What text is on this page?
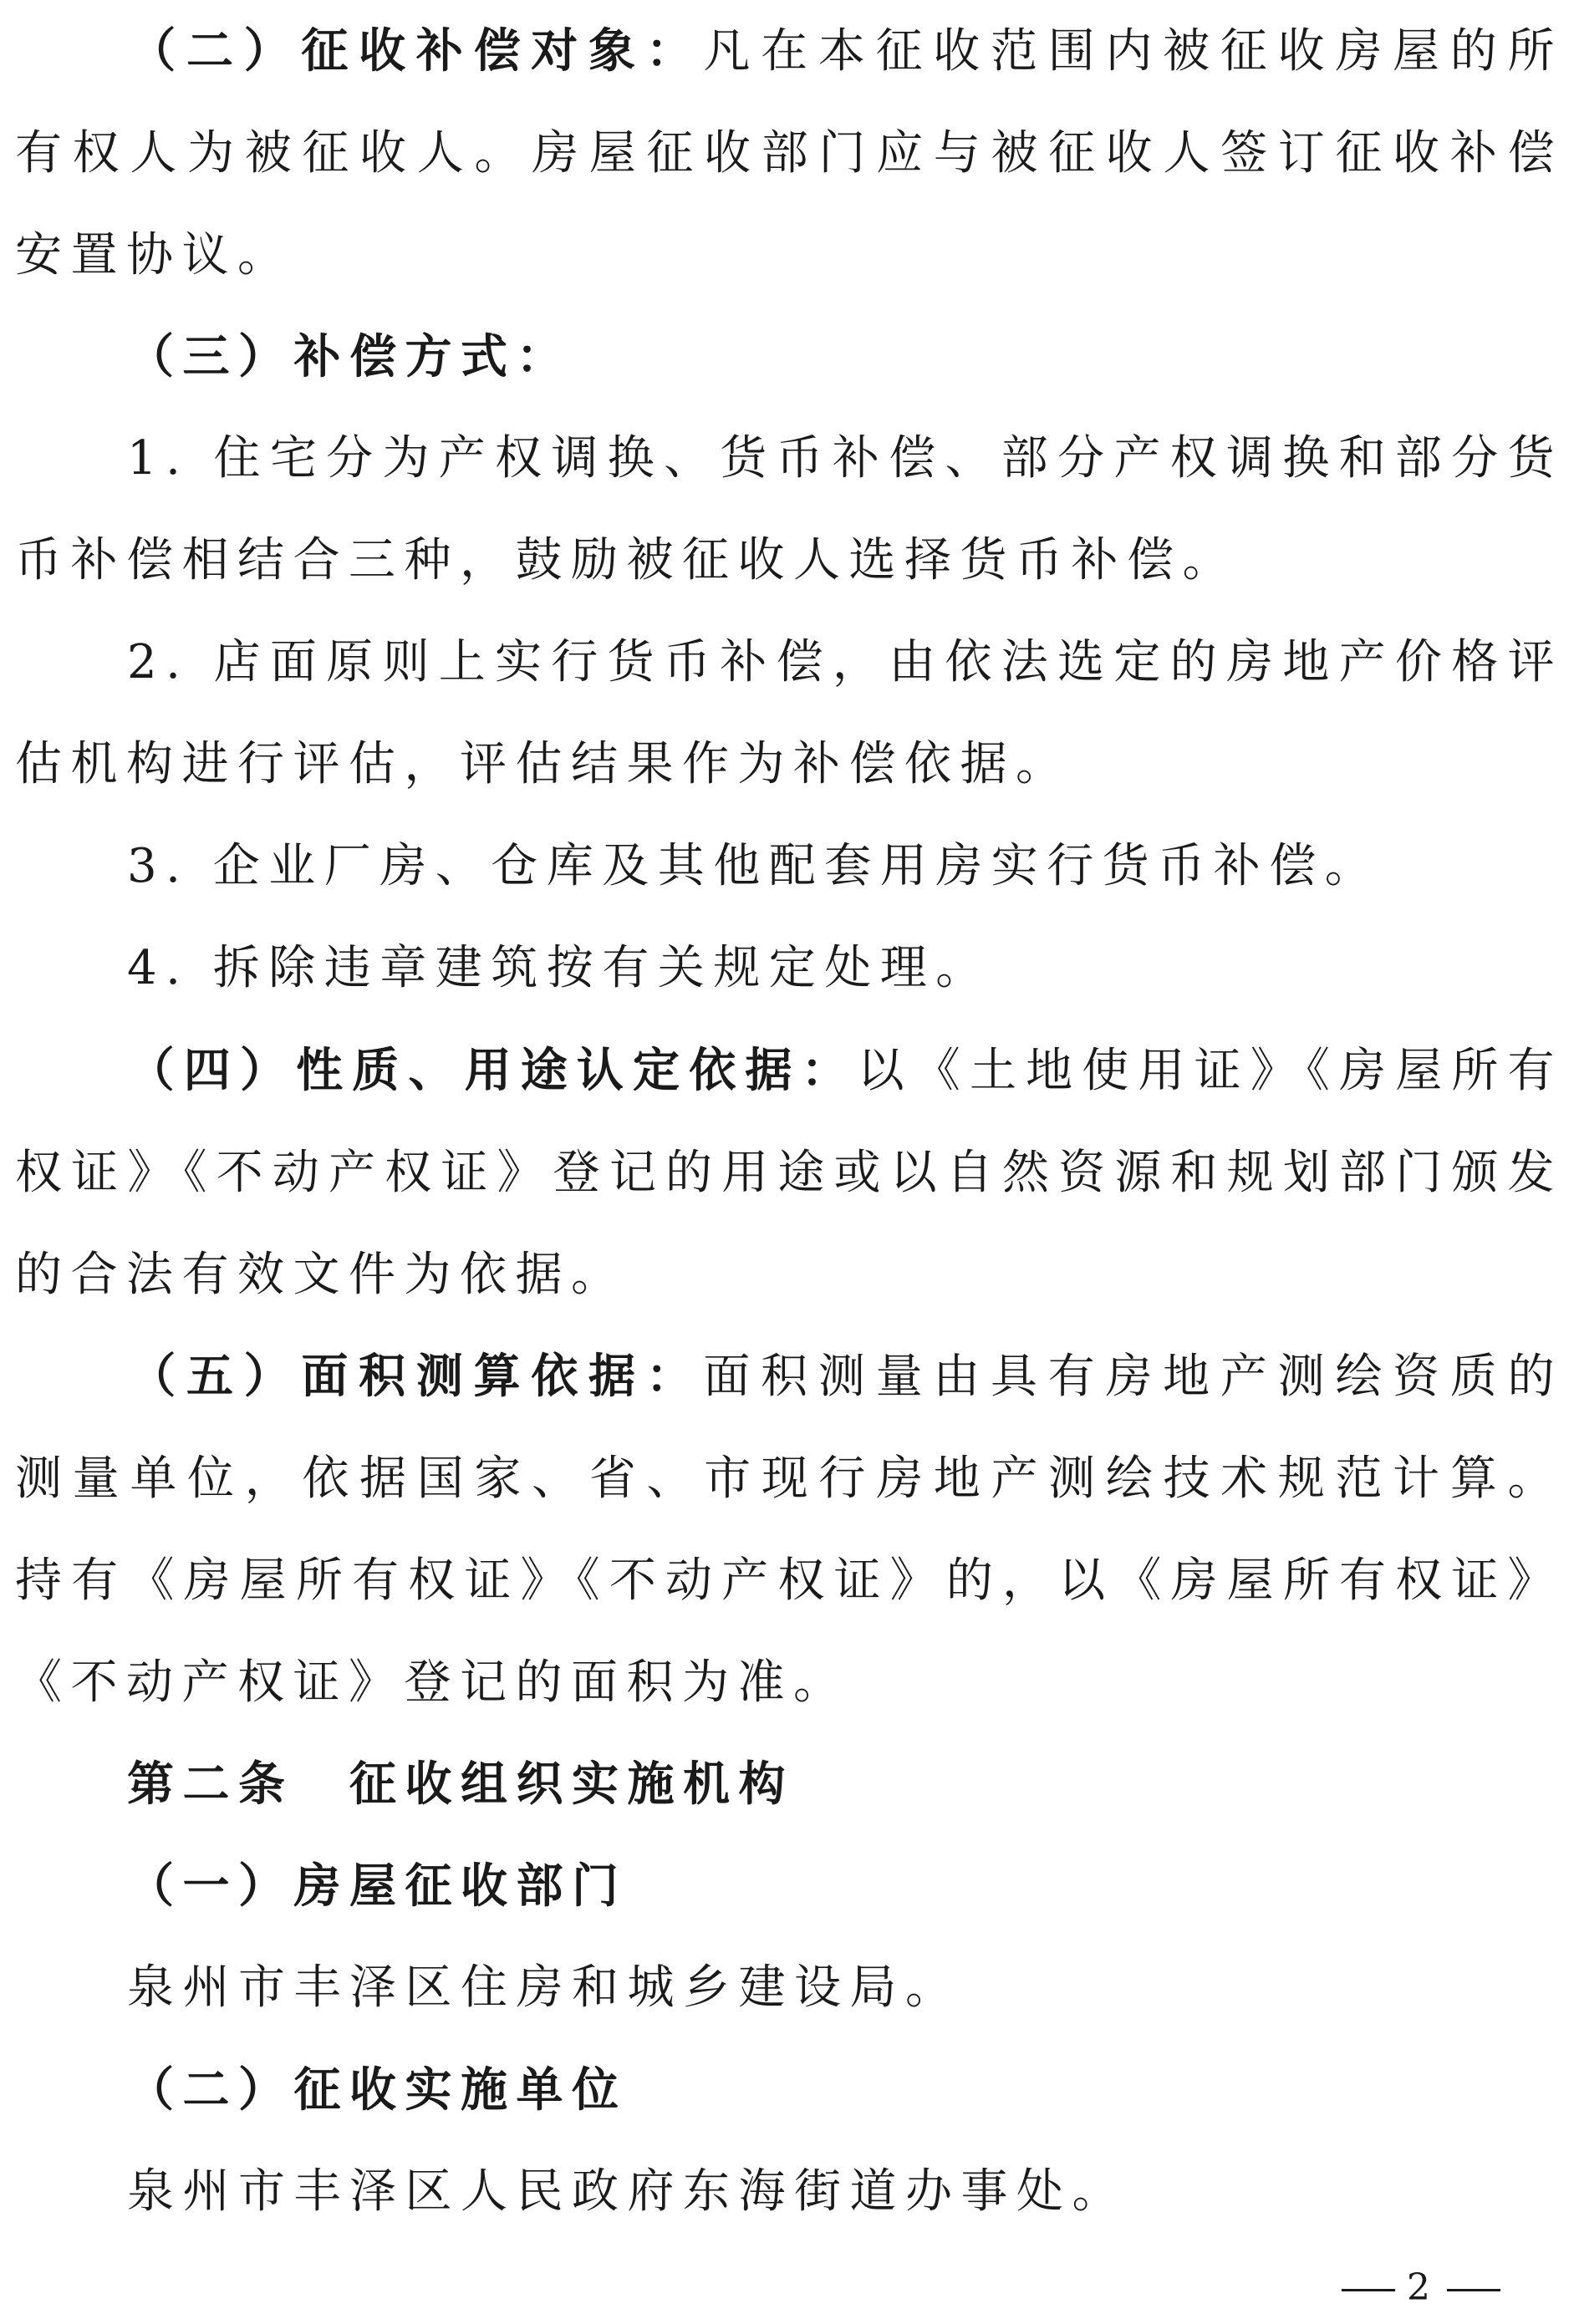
（二）征收补偿对象：凡在本征收范围内被征收房屋的所有权人为被征收人。房屋征收部门应与被征收人签订征收补偿安置协议。

（三）补偿方式：

1. 住宅分为产权调换、货币补偿、部分产权调换和部分货币补偿相结合三种，鼓励被征收人选择货币补偿。

2. 店面原则上实行货币补偿，由依法选定的房地产价格评估机构进行评估，评估结果作为补偿依据。

3. 企业厂房、仓库及其他配套用房实行货币补偿。

4. 拆除违章建筑按有关规定处理。

（四）性质、用途认定依据：以《土地使用证》《房屋所有权证》《不动产权证》登记的用途或以自然资源和规划部门颁发的合法有效文件为依据。

（五）面积测算依据：面积测量由具有房地产测绘资质的测量单位，依据国家、省、市现行房地产测绘技术规范计算。持有《房屋所有权证》《不动产权证》的，以《房屋所有权证》《不动产权证》登记的面积为准。

第二条　征收组织实施机构

（一）房屋征收部门

泉州市丰泽区住房和城乡建设局。

（二）征收实施单位

泉州市丰泽区人民政府东海街道办事处。

2
